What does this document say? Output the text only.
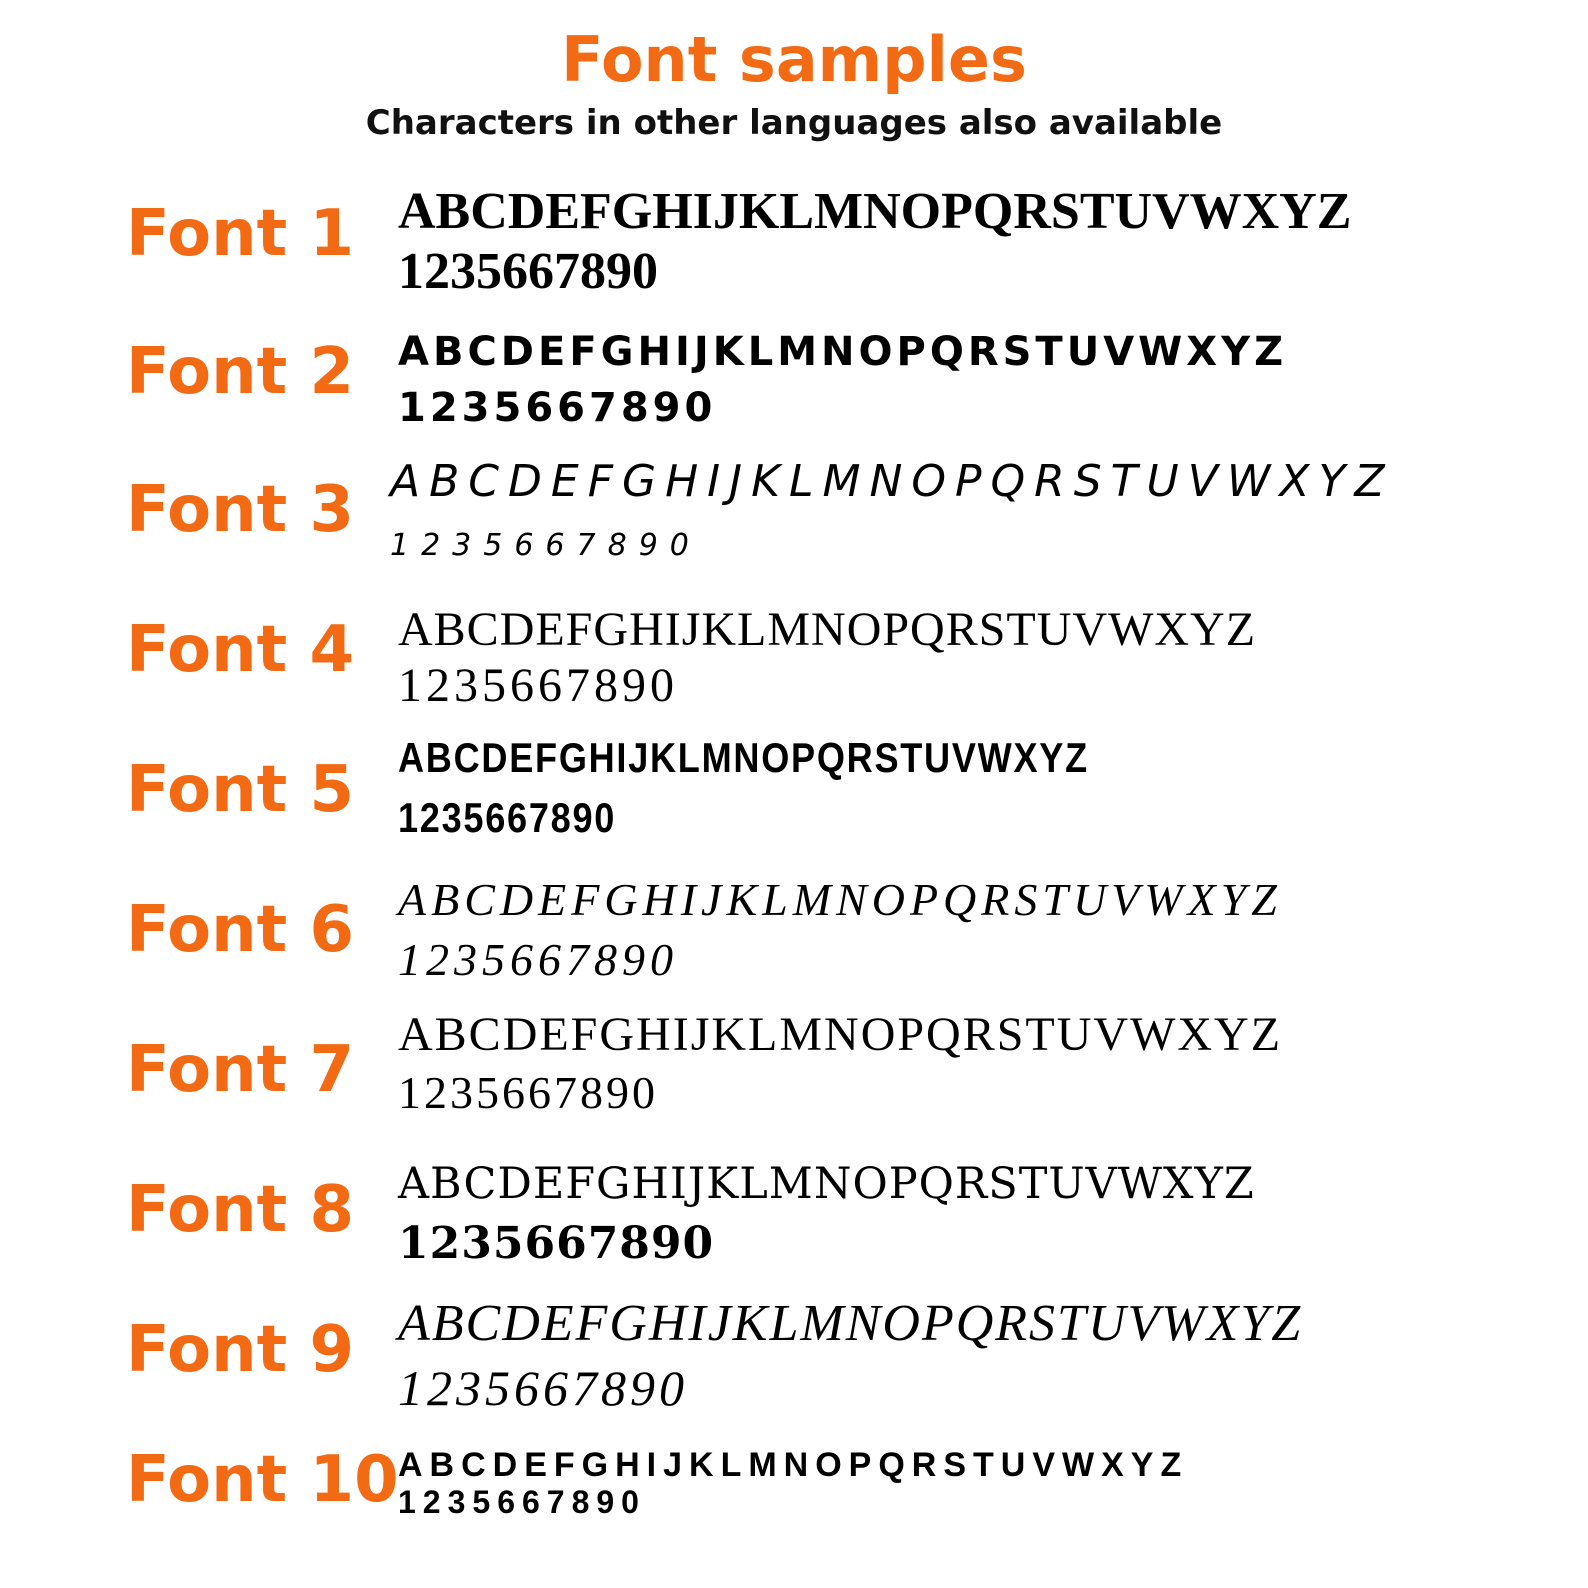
Font samples

Characters in other languages also available

Font 1 ABCDEFGHIJKLMNOPQRSTUVWXYZ
1235667890
Font 2 ABCDEFGHIJKLMNOPQRSTUVWXYZ
1235667890
Font 3 ABCDEFGHIJKLMNOPQRSTUVWXYZ
1235667890
Font 4 ABCDEFGHIJKLMNOPQRSTUVWXYZ
1235667890
Font 5 ABCDEFGHIJKLMNOPQRSTUVWXYZ
1235667890
Font 6 ABCDEFGHIJKLMNOPQRSTUVWXYZ
1235667890
Font 7 ABCDEFGHIJKLMNOPQRSTUVWXYZ
1235667890
Font 8 ABCDEFGHIJKLMNOPQRSTUVWXYZ
1235667890
Font 9 ABCDEFGHIJKLMNOPQRSTUVWXYZ
1235667890
Font 10 ABCDEFGHIJKLMNOPQRSTUVWXYZ
1235667890
